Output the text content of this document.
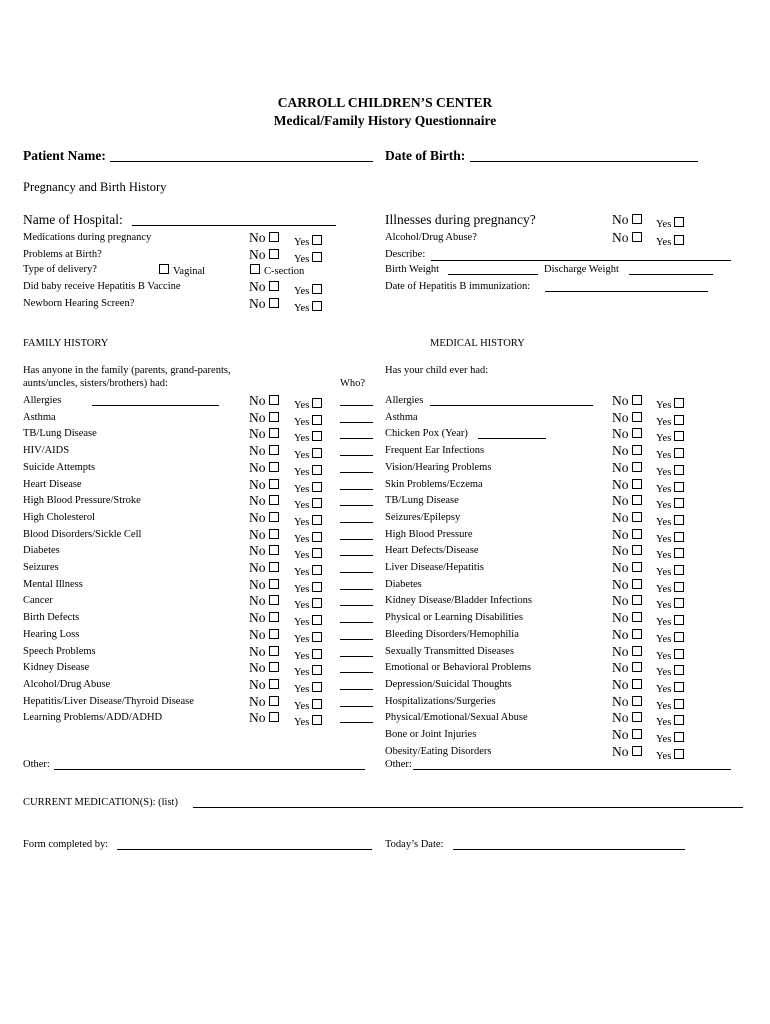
CARROLL CHILDREN’S CENTER
Medical/Family History Questionnaire
Patient Name:	Date of Birth:
Pregnancy and Birth History
Name of Hospital:	Illnesses during pregnancy?	No	Yes
Medications during pregnancy	No	Yes	Alcohol/Drug Abuse?	No	Yes
Problems at Birth?	No	Yes	Describe:
Type of delivery?	Vaginal	C-section	Birth Weight	Discharge Weight
Did baby receive Hepatitis B Vaccine	No	Yes	Date of Hepatitis B immunization:
Newborn Hearing Screen?	No	Yes
FAMILY HISTORY	MEDICAL HISTORY
Has anyone in the family (parents, grand-parents,
aunts/uncles, sisters/brothers) had:	Who?
Has your child ever had:
Allergies	No	Yes
Asthma	No	Yes
TB/Lung Disease	No	Yes
HIV/AIDS	No	Yes
Suicide Attempts	No	Yes
Heart Disease	No	Yes
High Blood Pressure/Stroke	No	Yes
High Cholesterol	No	Yes
Blood Disorders/Sickle Cell	No	Yes
Diabetes	No	Yes
Seizures	No	Yes
Mental Illness	No	Yes
Cancer	No	Yes
Birth Defects	No	Yes
Hearing Loss	No	Yes
Speech Problems	No	Yes
Kidney Disease	No	Yes
Alcohol/Drug Abuse	No	Yes
Hepatitis/Liver Disease/Thyroid Disease	No	Yes
Learning Problems/ADD/ADHD	No	Yes
Allergies	No	Yes
Asthma	No	Yes
Chicken Pox (Year)	No	Yes
Frequent Ear Infections	No	Yes
Vision/Hearing Problems	No	Yes
Skin Problems/Eczema	No	Yes
TB/Lung Disease	No	Yes
Seizures/Epilepsy	No	Yes
High Blood Pressure	No	Yes
Heart Defects/Disease	No	Yes
Liver Disease/Hepatitis	No	Yes
Diabetes	No	Yes
Kidney Disease/Bladder Infections	No	Yes
Physical or Learning Disabilities	No	Yes
Bleeding Disorders/Hemophilia	No	Yes
Sexually Transmitted Diseases	No	Yes
Emotional or Behavioral Problems	No	Yes
Depression/Suicidal Thoughts	No	Yes
Hospitalizations/Surgeries	No	Yes
Physical/Emotional/Sexual Abuse	No	Yes
Bone or Joint Injuries	No	Yes
Obesity/Eating Disorders	No	Yes
Other:	Other:
CURRENT MEDICATION(S): (list)
Form completed by:	Today’s Date:
